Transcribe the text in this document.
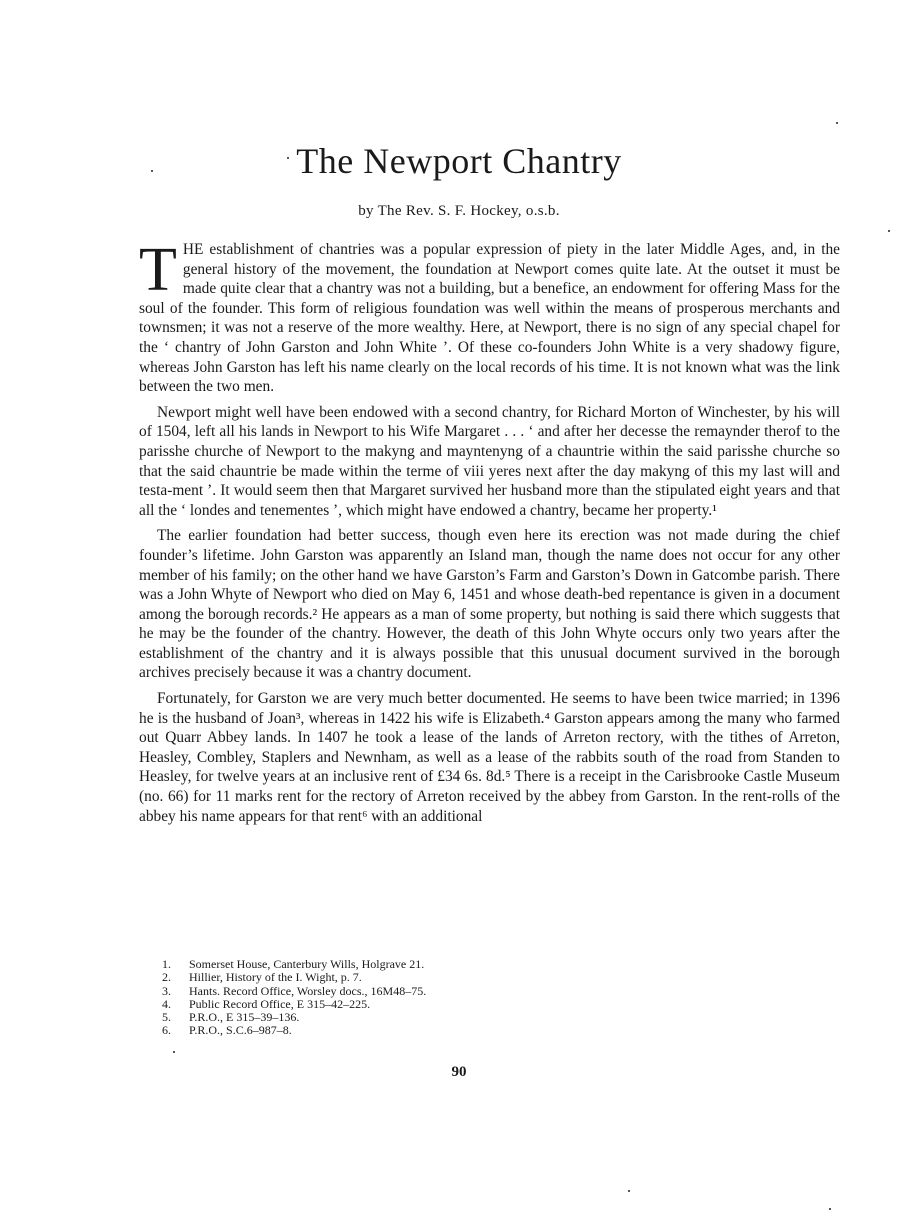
The Newport Chantry

by The Rev. S. F. Hockey, o.s.b.

THE establishment of chantries was a popular expression of piety in the later Middle Ages, and, in the general history of the movement, the foundation at Newport comes quite late. At the outset it must be made quite clear that a chantry was not a building, but a benefice, an endowment for offering Mass for the soul of the founder. This form of religious foundation was well within the means of prosperous merchants and townsmen; it was not a reserve of the more wealthy. Here, at Newport, there is no sign of any special chapel for the ‘ chantry of John Garston and John White ’. Of these co-founders John White is a very shadowy figure, whereas John Garston has left his name clearly on the local records of his time. It is not known what was the link between the two men.

Newport might well have been endowed with a second chantry, for Richard Morton of Winchester, by his will of 1504, left all his lands in Newport to his Wife Margaret . . . ‘ and after her decesse the remaynder therof to the parisshe churche of Newport to the makyng and mayntenyng of a chauntrie within the said parisshe churche so that the said chauntrie be made within the terme of viii yeres next after the day makyng of this my last will and testa-ment ’. It would seem then that Margaret survived her husband more than the stipulated eight years and that all the ‘ londes and tenementes ’, which might have endowed a chantry, became her property.¹

The earlier foundation had better success, though even here its erection was not made during the chief founder’s lifetime. John Garston was apparently an Island man, though the name does not occur for any other member of his family; on the other hand we have Garston’s Farm and Garston’s Down in Gatcombe parish. There was a John Whyte of Newport who died on May 6, 1451 and whose death-bed repentance is given in a document among the borough records.² He appears as a man of some property, but nothing is said there which suggests that he may be the founder of the chantry. However, the death of this John Whyte occurs only two years after the establishment of the chantry and it is always possible that this unusual document survived in the borough archives precisely because it was a chantry document.

Fortunately, for Garston we are very much better documented. He seems to have been twice married; in 1396 he is the husband of Joan³, whereas in 1422 his wife is Elizabeth.⁴ Garston appears among the many who farmed out Quarr Abbey lands. In 1407 he took a lease of the lands of Arreton rectory, with the tithes of Arreton, Heasley, Combley, Staplers and Newnham, as well as a lease of the rabbits south of the road from Standen to Heasley, for twelve years at an inclusive rent of £34 6s. 8d.⁵ There is a receipt in the Carisbrooke Castle Museum (no. 66) for 11 marks rent for the rectory of Arreton received by the abbey from Garston. In the rent-rolls of the abbey his name appears for that rent⁶ with an additional

1.	Somerset House, Canterbury Wills, Holgrave 21.
2.	Hillier, History of the I. Wight, p. 7.
3.	Hants. Record Office, Worsley docs., 16M48–75.
4.	Public Record Office, E 315–42–225.
5.	P.R.O., E 315–39–136.
6.	P.R.O., S.C.6–987–8.

90
